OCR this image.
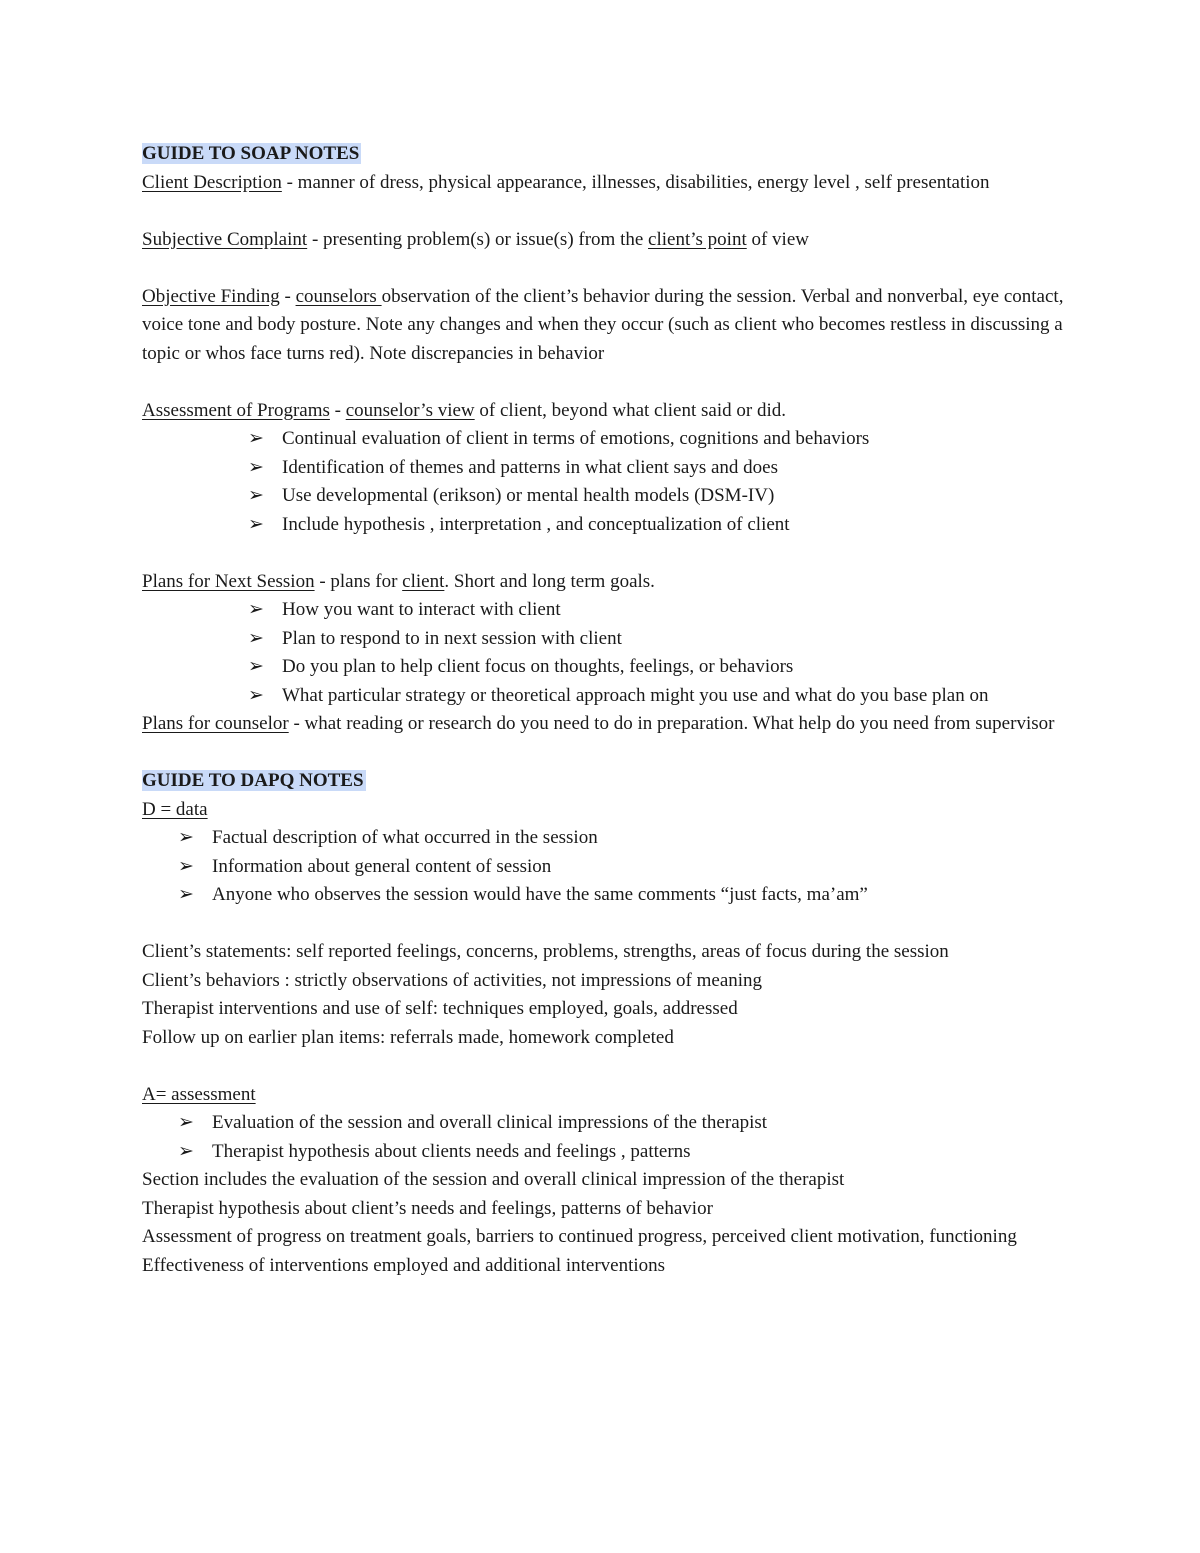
GUIDE TO SOAP NOTES

Client Description - manner of dress, physical appearance, illnesses, disabilities, energy level , self presentation

Subjective Complaint - presenting problem(s) or issue(s) from the client’s point of view

Objective Finding - counselors observation of the client’s behavior during the session. Verbal and nonverbal, eye contact, voice tone and body posture. Note any changes and when they occur (such as client who becomes restless in discussing a topic or whos face turns red). Note discrepancies in behavior

Assessment of Programs - counselor’s view of client, beyond what client said or did.

➢ Continual evaluation of client in terms of emotions, cognitions and behaviors
➢ Identification of themes and patterns in what client says and does
➢ Use developmental (erikson) or mental health models (DSM-IV)
➢ Include hypothesis , interpretation , and conceptualization of client

Plans for Next Session - plans for client. Short and long term goals.

➢ How you want to interact with client
➢ Plan to respond to in next session with client
➢ Do you plan to help client focus on thoughts, feelings, or behaviors
➢ What particular strategy or theoretical approach might you use and what do you base plan on

Plans for counselor - what reading or research do you need to do in preparation. What help do you need from supervisor

GUIDE TO DAPQ NOTES

D = data

➢ Factual description of what occurred in the session
➢ Information about general content of session
➢ Anyone who observes the session would have the same comments “just facts, ma’am”

Client’s statements: self reported feelings, concerns, problems, strengths, areas of focus during the session

Client’s behaviors : strictly observations of activities, not impressions of meaning

Therapist interventions and use of self: techniques employed, goals, addressed

Follow up on earlier plan items: referrals made, homework completed

A= assessment

➢ Evaluation of the session and overall clinical impressions of the therapist
➢ Therapist hypothesis about clients needs and feelings , patterns

Section includes the evaluation of the session and overall clinical impression of the therapist

Therapist hypothesis about client’s needs and feelings, patterns of behavior

Assessment of progress on treatment goals, barriers to continued progress, perceived client motivation, functioning

Effectiveness of interventions employed and additional interventions
